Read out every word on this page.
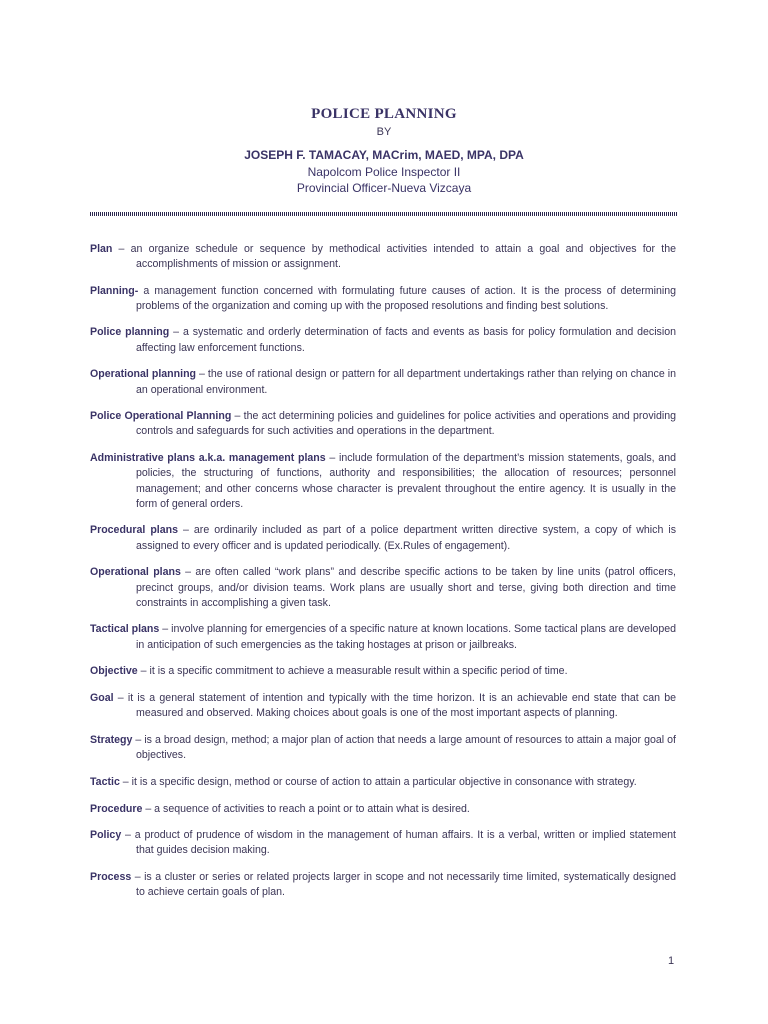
POLICE PLANNING
BY
JOSEPH F. TAMACAY, MACrim, MAED, MPA, DPA
Napolcom Police Inspector II
Provincial Officer-Nueva Vizcaya

Plan – an organize schedule or sequence by methodical activities intended to attain a goal and objectives for the accomplishments of mission or assignment.

Planning- a management function concerned with formulating future causes of action. It is the process of determining problems of the organization and coming up with the proposed resolutions and finding best solutions.

Police planning – a systematic and orderly determination of facts and events as basis for policy formulation and decision affecting law enforcement functions.

Operational planning – the use of rational design or pattern for all department undertakings rather than relying on chance in an operational environment.

Police Operational Planning – the act determining policies and guidelines for police activities and operations and providing controls and safeguards for such activities and operations in the department.

Administrative plans a.k.a. management plans – include formulation of the department’s mission statements, goals, and policies, the structuring of functions, authority and responsibilities; the allocation of resources; personnel management; and other concerns whose character is prevalent throughout the entire agency. It is usually in the form of general orders.

Procedural plans – are ordinarily included as part of a police department written directive system, a copy of which is assigned to every officer and is updated periodically. (Ex.Rules of engagement).

Operational plans – are often called “work plans” and describe specific actions to be taken by line units (patrol officers, precinct groups, and/or division teams. Work plans are usually short and terse, giving both direction and time constraints in accomplishing a given task.

Tactical plans – involve planning for emergencies of a specific nature at known locations. Some tactical plans are developed in anticipation of such emergencies as the taking hostages at prison or jailbreaks.

Objective – it is a specific commitment to achieve a measurable result within a specific period of time.

Goal – it is a general statement of intention and typically with the time horizon. It is an achievable end state that can be measured and observed. Making choices about goals is one of the most important aspects of planning.

Strategy – is a broad design, method; a major plan of action that needs a large amount of resources to attain a major goal of objectives.

Tactic – it is a specific design, method or course of action to attain a particular objective in consonance with strategy.

Procedure – a sequence of activities to reach a point or to attain what is desired.

Policy – a product of prudence of wisdom in the management of human affairs. It is a verbal, written or implied statement that guides decision making.

Process – is a cluster or series or related projects larger in scope and not necessarily time limited, systematically designed to achieve certain goals of plan.

1
